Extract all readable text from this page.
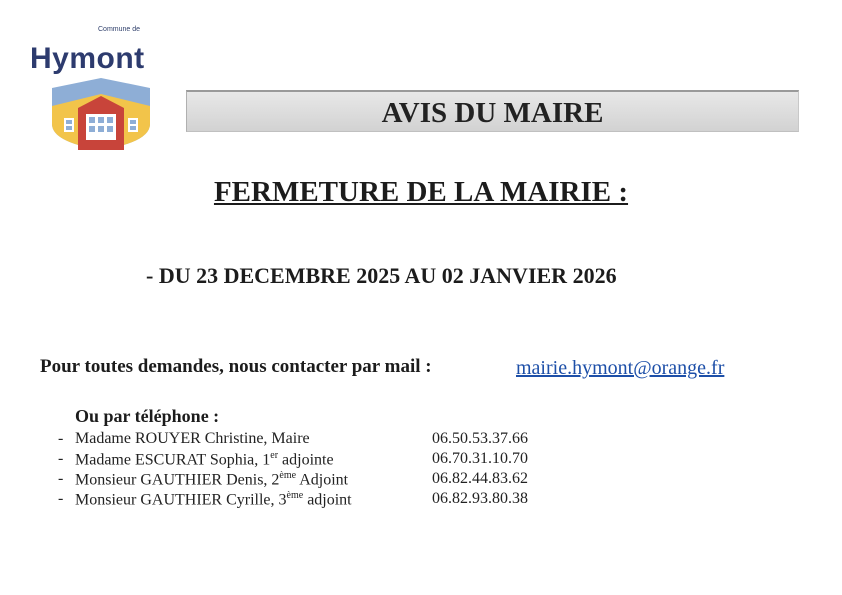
Commune de
Hymont
AVIS DU MAIRE
FERMETURE DE LA MAIRIE :
- DU 23 DECEMBRE 2025 AU 02 JANVIER 2026
Pour toutes demandes, nous contacter par mail :	mairie.hymont@orange.fr
Ou par téléphone :
- Madame ROUYER Christine, Maire	06.50.53.37.66
- Madame ESCURAT Sophia, 1er adjointe	06.70.31.10.70
- Monsieur GAUTHIER Denis, 2ème Adjoint	06.82.44.83.62
- Monsieur GAUTHIER Cyrille, 3ème adjoint	06.82.93.80.38
